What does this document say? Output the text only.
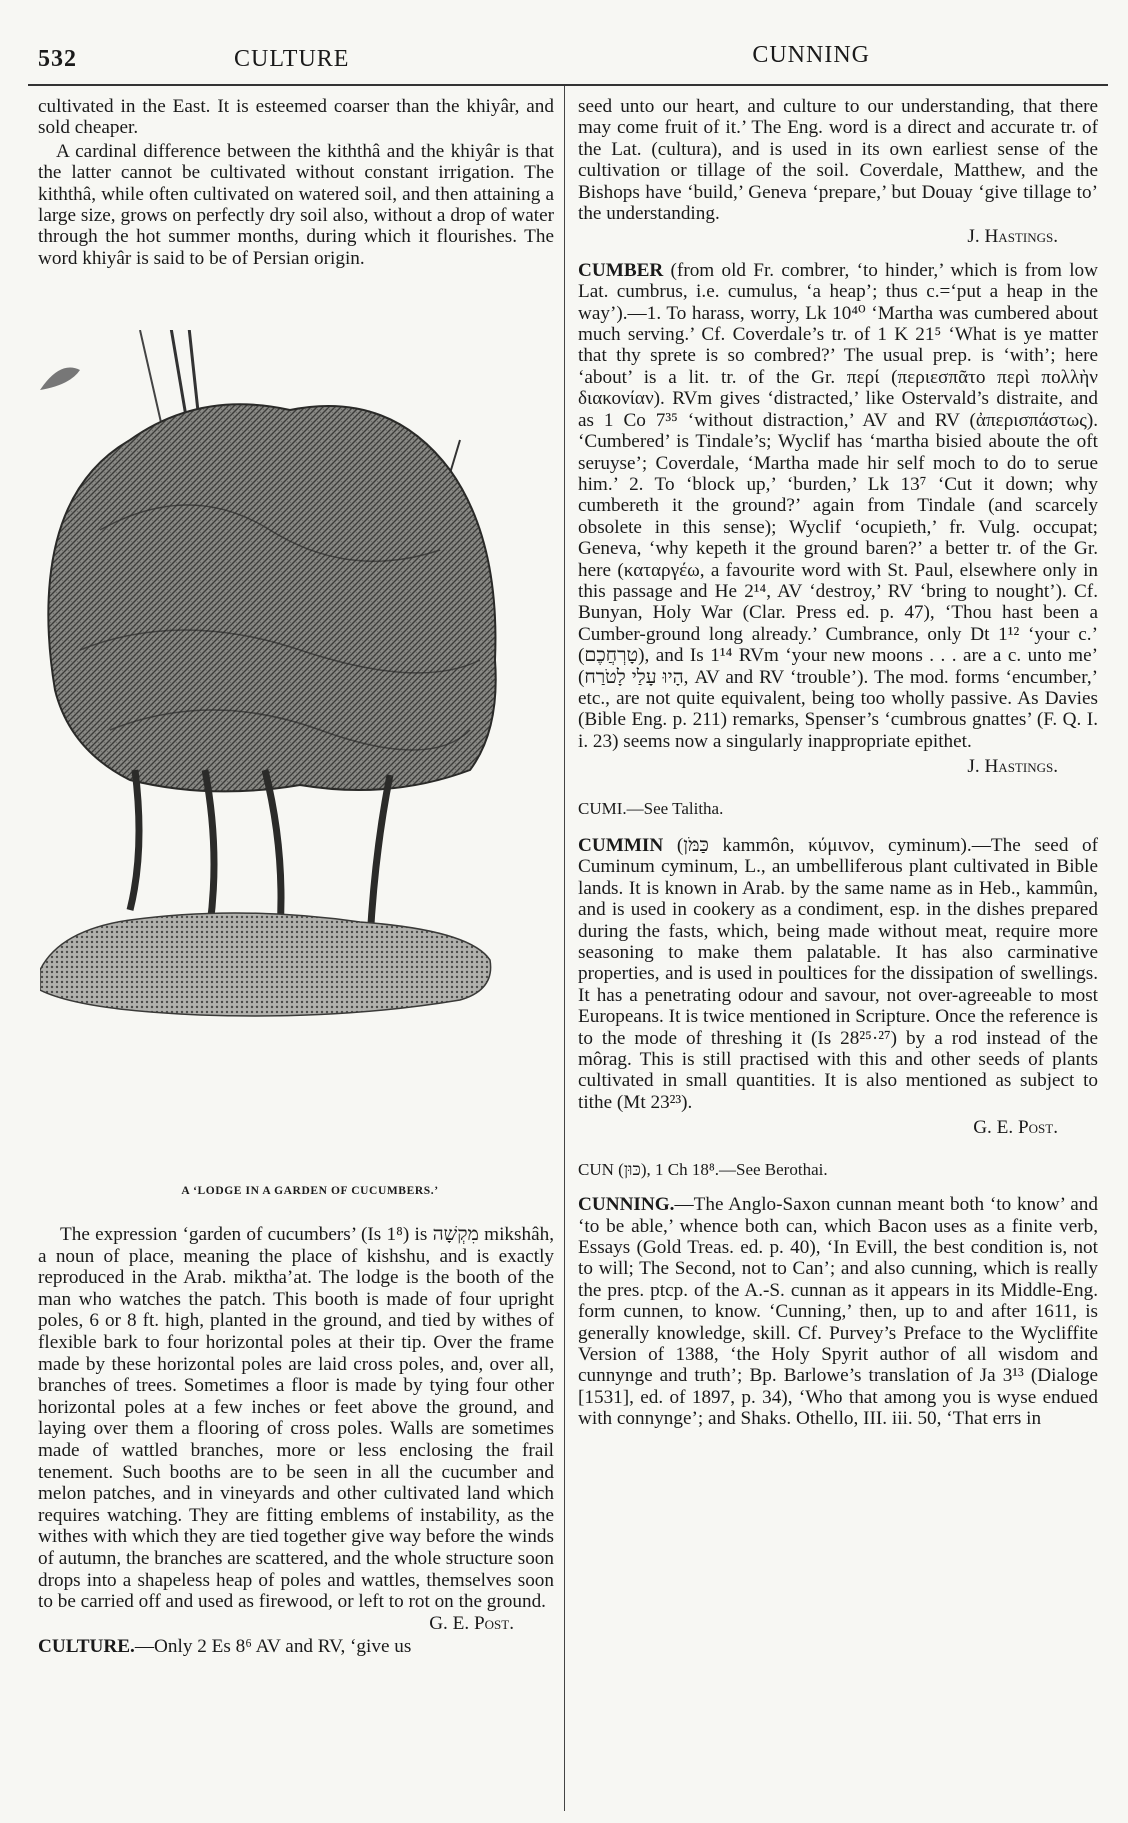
532	CULTURE	CUNNING

cultivated in the East. It is esteemed coarser than the khiyâr, and sold cheaper.

A cardinal difference between the kiththâ and the khiyâr is that the latter cannot be cultivated without constant irrigation. The kiththâ, while often cultivated on watered soil, and then attaining a large size, grows on perfectly dry soil also, without a drop of water through the hot summer months, during which it flourishes. The word khiyâr is said to be of Persian origin.

A ‘LODGE IN A GARDEN OF CUCUMBERS.’

The expression ‘garden of cucumbers’ (Is 1⁸) is מִקְשָׁה mikshâh, a noun of place, meaning the place of kishshu, and is exactly reproduced in the Arab. miktha’at. The lodge is the booth of the man who watches the patch. This booth is made of four upright poles, 6 or 8 ft. high, planted in the ground, and tied by withes of flexible bark to four horizontal poles at their tip. Over the frame made by these horizontal poles are laid cross poles, and, over all, branches of trees. Sometimes a floor is made by tying four other horizontal poles at a few inches or feet above the ground, and laying over them a flooring of cross poles. Walls are sometimes made of wattled branches, more or less enclosing the frail tenement. Such booths are to be seen in all the cucumber and melon patches, and in vineyards and other cultivated land which requires watching. They are fitting emblems of instability, as the withes with which they are tied together give way before the winds of autumn, the branches are scattered, and the whole structure soon drops into a shapeless heap of poles and wattles, themselves soon to be carried off and used as firewood, or left to rot on the ground.

G. E. Post.
CULTURE.—Only 2 Es 8⁶ AV and RV, ‘give us

seed unto our heart, and culture to our understanding, that there may come fruit of it.’ The Eng. word is a direct and accurate tr. of the Lat. (cultura), and is used in its own earliest sense of the cultivation or tillage of the soil. Coverdale, Matthew, and the Bishops have ‘build,’ Geneva ‘prepare,’ but Douay ‘give tillage to’ the understanding.

J. Hastings.
CUMBER (from old Fr. combrer, ‘to hinder,’ which is from low Lat. cumbrus, i.e. cumulus, ‘a heap’; thus c.=‘put a heap in the way’).—1. To harass, worry, Lk 10⁴⁰ ‘Martha was cumbered about much serving.’ Cf. Coverdale’s tr. of 1 K 21⁵ ‘What is ye matter that thy sprete is so combred?’ The usual prep. is ‘with’; here ‘about’ is a lit. tr. of the Gr. περί (περιεσπᾶτο περὶ πολλὴν διακονίαν). RVm gives ‘distracted,’ like Ostervald’s distraite, and as 1 Co 7³⁵ ‘without distraction,’ AV and RV (ἀπερισπάστως). ‘Cumbered’ is Tindale’s; Wyclif has ‘martha bisied aboute the oft seruyse’; Coverdale, ‘Martha made hir self moch to do to serue him.’ 2. To ‘block up,’ ‘burden,’ Lk 13⁷ ‘Cut it down; why cumbereth it the ground?’ again from Tindale (and scarcely obsolete in this sense); Wyclif ‘ocupieth,’ fr. Vulg. occupat; Geneva, ‘why kepeth it the ground baren?’ a better tr. of the Gr. here (καταργέω, a favourite word with St. Paul, elsewhere only in this passage and He 2¹⁴, AV ‘destroy,’ RV ‘bring to nought’). Cf. Bunyan, Holy War (Clar. Press ed. p. 47), ‘Thou hast been a Cumber-ground long already.’ Cumbrance, only Dt 1¹² ‘your c.’ (טָרְחֲכֶם), and Is 1¹⁴ RVm ‘your new moons . . . are a c. unto me’ (הָיוּ עָלַי לָטֹרַח, AV and RV ‘trouble’). The mod. forms ‘encumber,’ etc., are not quite equivalent, being too wholly passive. As Davies (Bible Eng. p. 211) remarks, Spenser’s ‘cumbrous gnattes’ (F. Q. I. i. 23) seems now a singularly inappropriate epithet.
J. Hastings.
CUMI.—See Talitha.
CUMMIN (כַּמֹּן kammôn, κύμινον, cyminum).—The seed of Cuminum cyminum, L., an umbelliferous plant cultivated in Bible lands. It is known in Arab. by the same name as in Heb., kammûn, and is used in cookery as a condiment, esp. in the dishes prepared during the fasts, which, being made without meat, require more seasoning to make them palatable. It has also carminative properties, and is used in poultices for the dissipation of swellings. It has a penetrating odour and savour, not over-agreeable to most Europeans. It is twice mentioned in Scripture. Once the reference is to the mode of threshing it (Is 28²⁵·²⁷) by a rod instead of the môrag. This is still practised with this and other seeds of plants cultivated in small quantities. It is also mentioned as subject to tithe (Mt 23²³).
G. E. Post.
CUN (כּוּן), 1 Ch 18⁸.—See Berothai.
CUNNING.—The Anglo-Saxon cunnan meant both ‘to know’ and ‘to be able,’ whence both can, which Bacon uses as a finite verb, Essays (Gold Treas. ed. p. 40), ‘In Evill, the best condition is, not to will; The Second, not to Can’; and also cunning, which is really the pres. ptcp. of the A.-S. cunnan as it appears in its Middle-Eng. form cunnen, to know. ‘Cunning,’ then, up to and after 1611, is generally knowledge, skill. Cf. Purvey’s Preface to the Wycliffite Version of 1388, ‘the Holy Spyrit author of all wisdom and cunnynge and truth’; Bp. Barlowe’s translation of Ja 3¹³ (Dialoge [1531], ed. of 1897, p. 34), ‘Who that among you is wyse endued with connynge’; and Shaks. Othello, III. iii. 50, ‘That errs in
